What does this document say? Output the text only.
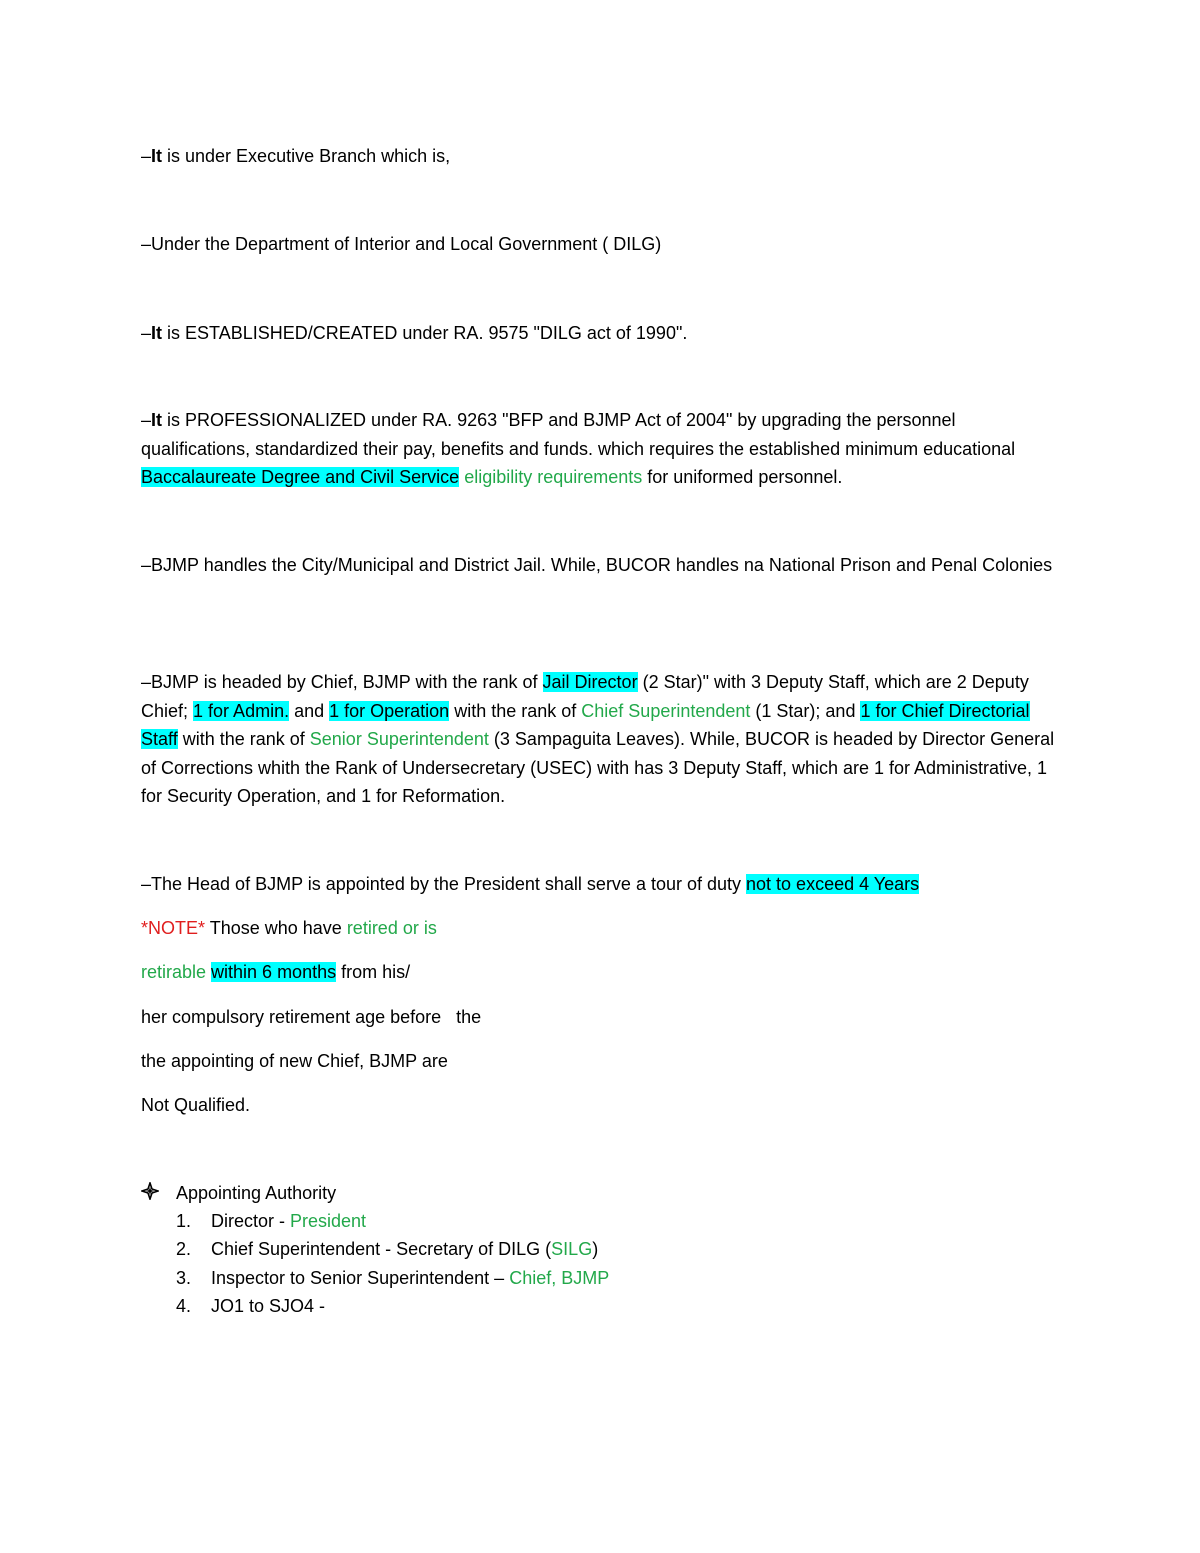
–It is under Executive Branch which is,
–Under the Department of Interior and Local Government ( DILG)
–It is ESTABLISHED/CREATED under RA. 9575 "DILG act of 1990".
–It is PROFESSIONALIZED under RA. 9263 "BFP and BJMP Act of 2004" by upgrading the personnel qualifications, standardized their pay, benefits and funds. which requires the established minimum educational Baccalaureate Degree and Civil Service eligibility requirements for uniformed personnel.
–BJMP handles the City/Municipal and District Jail. While, BUCOR handles na National Prison and Penal Colonies
–BJMP is headed by Chief, BJMP with the rank of Jail Director (2 Star)" with 3 Deputy Staff, which are 2 Deputy Chief; 1 for Admin. and 1 for Operation with the rank of Chief Superintendent (1 Star); and 1 for Chief Directorial Staff with the rank of Senior Superintendent (3 Sampaguita Leaves). While, BUCOR is headed by Director General of Corrections whith the Rank of Undersecretary (USEC) with has 3 Deputy Staff, which are 1 for Administrative, 1 for Security Operation, and 1 for Reformation.
–The Head of BJMP is appointed by the President shall serve a tour of duty not to exceed 4 Years
*NOTE* Those who have retired or is
retirable within 6 months from his/
her compulsory retirement age before   the
the appointing of new Chief, BJMP are
Not Qualified.
Appointing Authority
1. Director - President
2. Chief Superintendent - Secretary of DILG (SILG)
3. Inspector to Senior Superintendent – Chief, BJMP
4. JO1 to SJO4 -
